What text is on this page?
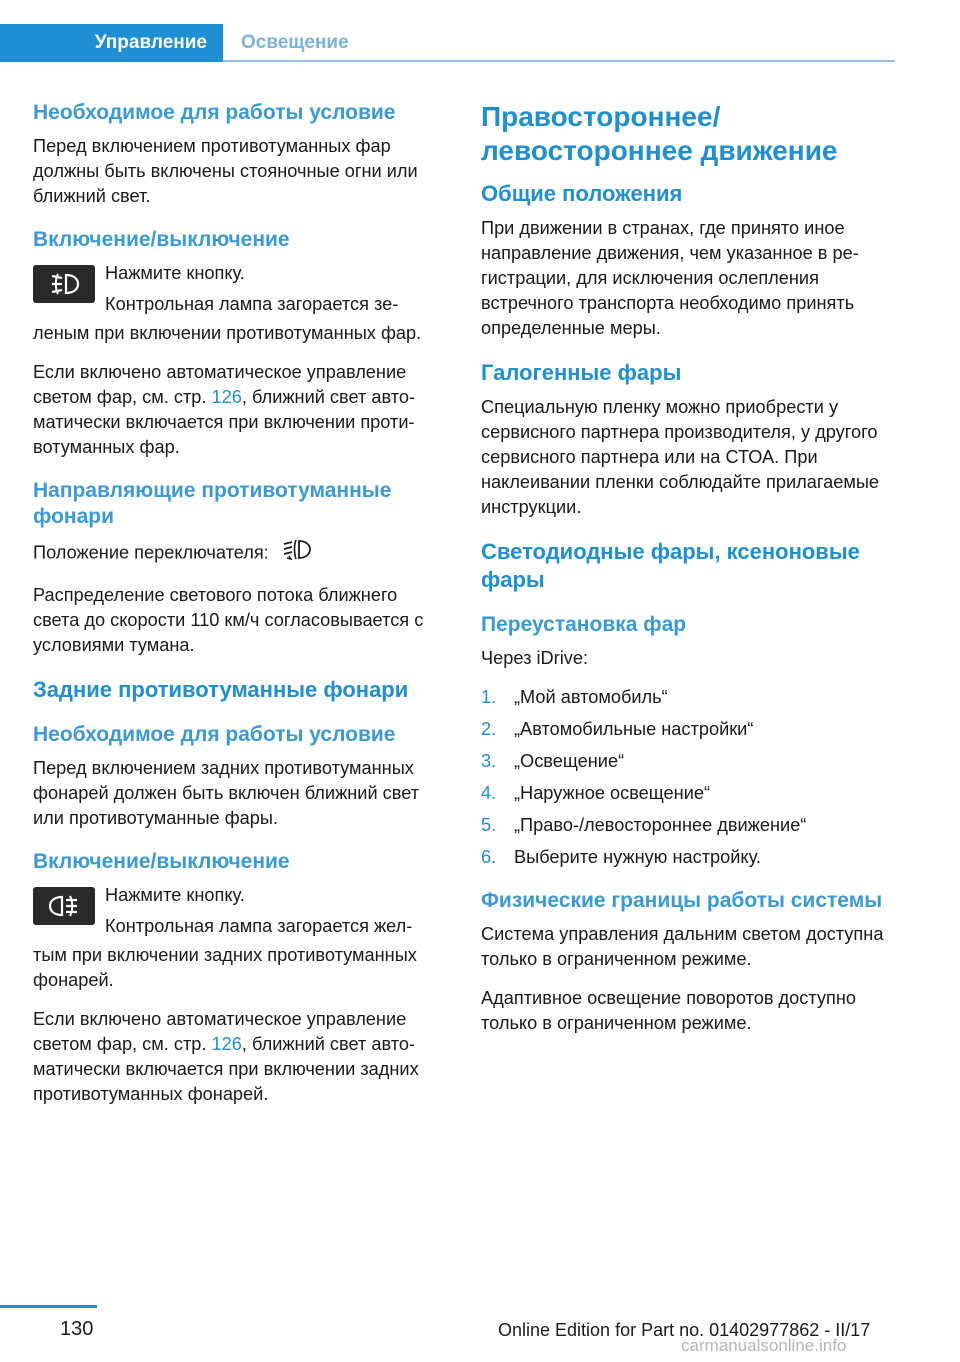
Управление	Освещение
Необходимое для работы условие

Перед включением противотуманных фар должны быть включены стояночные огни или ближний свет.

Включение/выключение

Нажмите кнопку.

Контрольная лампа загорается зе-

леным при включении противотуманных фар.

Если включено автоматическое управление светом фар, см. стр. 126, ближний свет автоматически включается при включении противотуманных фар.

Направляющие противотуманные фонари

Положение переключателя:

Распределение светового потока ближнего света до скорости 110 км/ч согласовывается с условиями тумана.

Задние противотуманные фонари
Необходимое для работы условие

Перед включением задних противотуманных фонарей должен быть включен ближний свет или противотуманные фары.

Включение/выключение

Нажмите кнопку.

Контрольная лампа загорается жел-

тым при включении задних противотуманных фонарей.

Если включено автоматическое управление светом фар, см. стр. 126, ближний свет автоматически включается при включении задних противотуманных фонарей.

Правостороннее/ левостороннее движение
Общие положения

При движении в странах, где принято иное направление движения, чем указанное в регистрации, для исключения ослепления встречного транспорта необходимо принять определенные меры.

Галогенные фары

Специальную пленку можно приобрести у сервисного партнера производителя, у другого сервисного партнера или на СТОА. При наклеивании пленки соблюдайте прилагаемые инструкции.

Светодиодные фары, ксеноновые фары
Переустановка фар

Через iDrive:

1. „Мой автомобиль“
2. „Автомобильные настройки“
3. „Освещение“
4. „Наружное освещение“
5. „Право-/левостороннее движение“
6. Выберите нужную настройку.
Физические границы работы системы

Система управления дальним светом доступна только в ограниченном режиме.

Адаптивное освещение поворотов доступно только в ограниченном режиме.

130	Online Edition for Part no. 01402977862 - II/17
carmanualsonline.info
